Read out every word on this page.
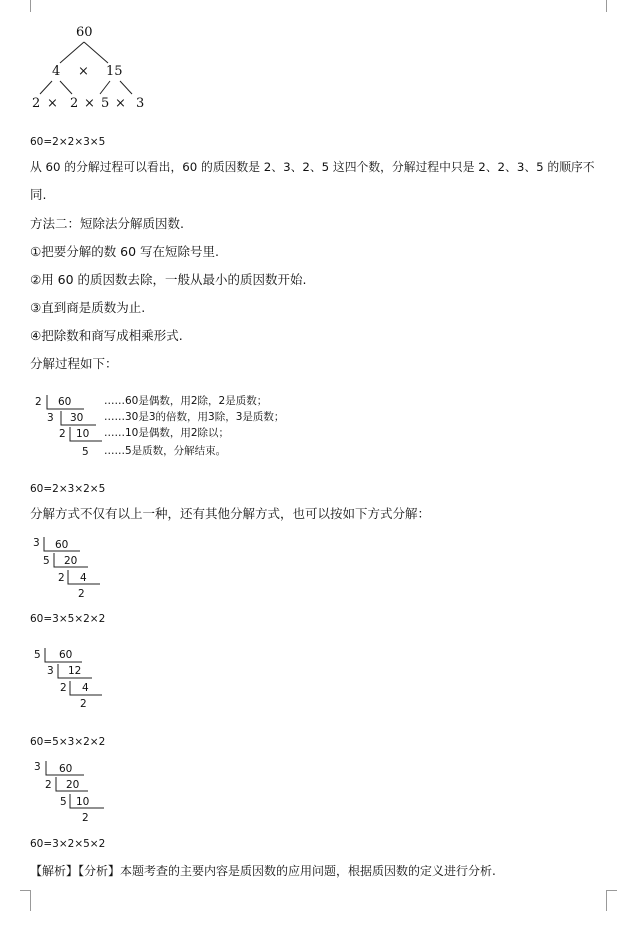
60
4 × 15
2 × 2 × 5 × 3
60=2×2×3×5
从 60 的分解过程可以看出，60 的质因数是 2、3、2、5 这四个数，分解过程中只是 2、2、3、5 的顺序不
同.
方法二：短除法分解质因数.
①把要分解的数 60 写在短除号里.
②用 60 的质因数去除，一般从最小的质因数开始.
③直到商是质数为止.
④把除数和商写成相乘形式.
分解过程如下：
2 60	……60是偶数，用2除，2是质数；
3 30 ……30是3的倍数，用3除，3是质数；
2 10 ……10是偶数，用2除以；
5 ……5是质数，分解结束。
60=2×3×2×5
分解方式不仅有以上一种，还有其他分解方式，也可以按如下方式分解：
3 60
5 20
2 4
2
60=3×5×2×2
5 60
3 12
2 4
2
60=5×3×2×2
3 60
2 20
5 10
2
60=3×2×5×2
【解析】【分析】本题考查的主要内容是质因数的应用问题，根据质因数的定义进行分析.
